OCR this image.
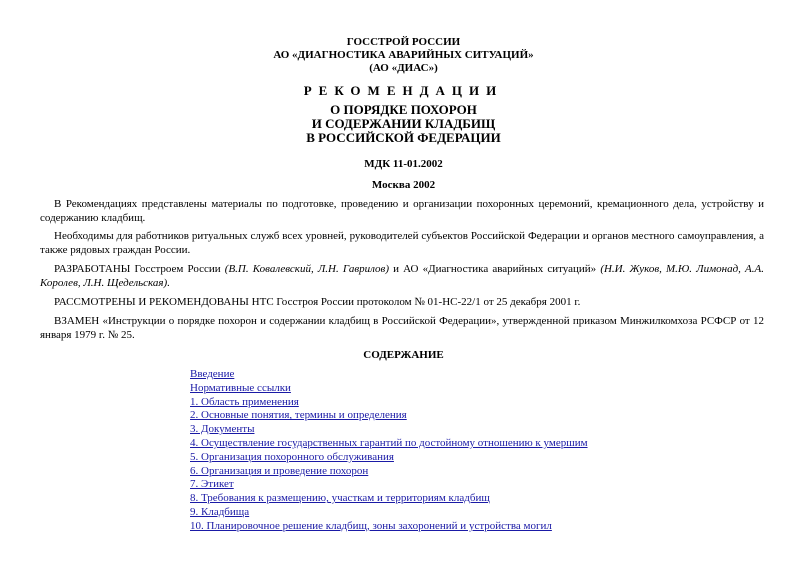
ГОССТРОЙ РОССИИ
АО «ДИАГНОСТИКА АВАРИЙНЫХ СИТУАЦИЙ»
(АО «ДИАС»)
РЕКОМЕНДАЦИИ
О ПОРЯДКЕ ПОХОРОН
И СОДЕРЖАНИИ КЛАДБИЩ
В РОССИЙСКОЙ ФЕДЕРАЦИИ
МДК 11-01.2002
Москва 2002
В Рекомендациях представлены материалы по подготовке, проведению и организации похоронных церемоний, кремационного дела, устройству и содержанию кладбищ.
Необходимы для работников ритуальных служб всех уровней, руководителей субъектов Российской Федерации и органов местного самоуправления, а также рядовых граждан России.
РАЗРАБОТАНЫ Госстроем России (В.П. Ковалевский, Л.Н. Гаврилов) и АО «Диагностика аварийных ситуаций» (Н.И. Жуков, М.Ю. Лимонад, А.А. Королев, Л.Н. Щедельская).
РАССМОТРЕНЫ И РЕКОМЕНДОВАНЫ НТС Госстроя России протоколом № 01-НС-22/1 от 25 декабря 2001 г.
ВЗАМЕН «Инструкции о порядке похорон и содержании кладбищ в Российской Федерации», утвержденной приказом Минжилкомхоза РСФСР от 12 января 1979 г. № 25.
СОДЕРЖАНИЕ
Введение
Нормативные ссылки
1. Область применения
2. Основные понятия, термины и определения
3. Документы
4. Осуществление государственных гарантий по достойному отношению к умершим
5. Организация похоронного обслуживания
6. Организация и проведение похорон
7. Этикет
8. Требования к размещению, участкам и территориям кладбищ
9. Кладбища
10. Планировочное решение кладбищ, зоны захоронений и устройства могил
